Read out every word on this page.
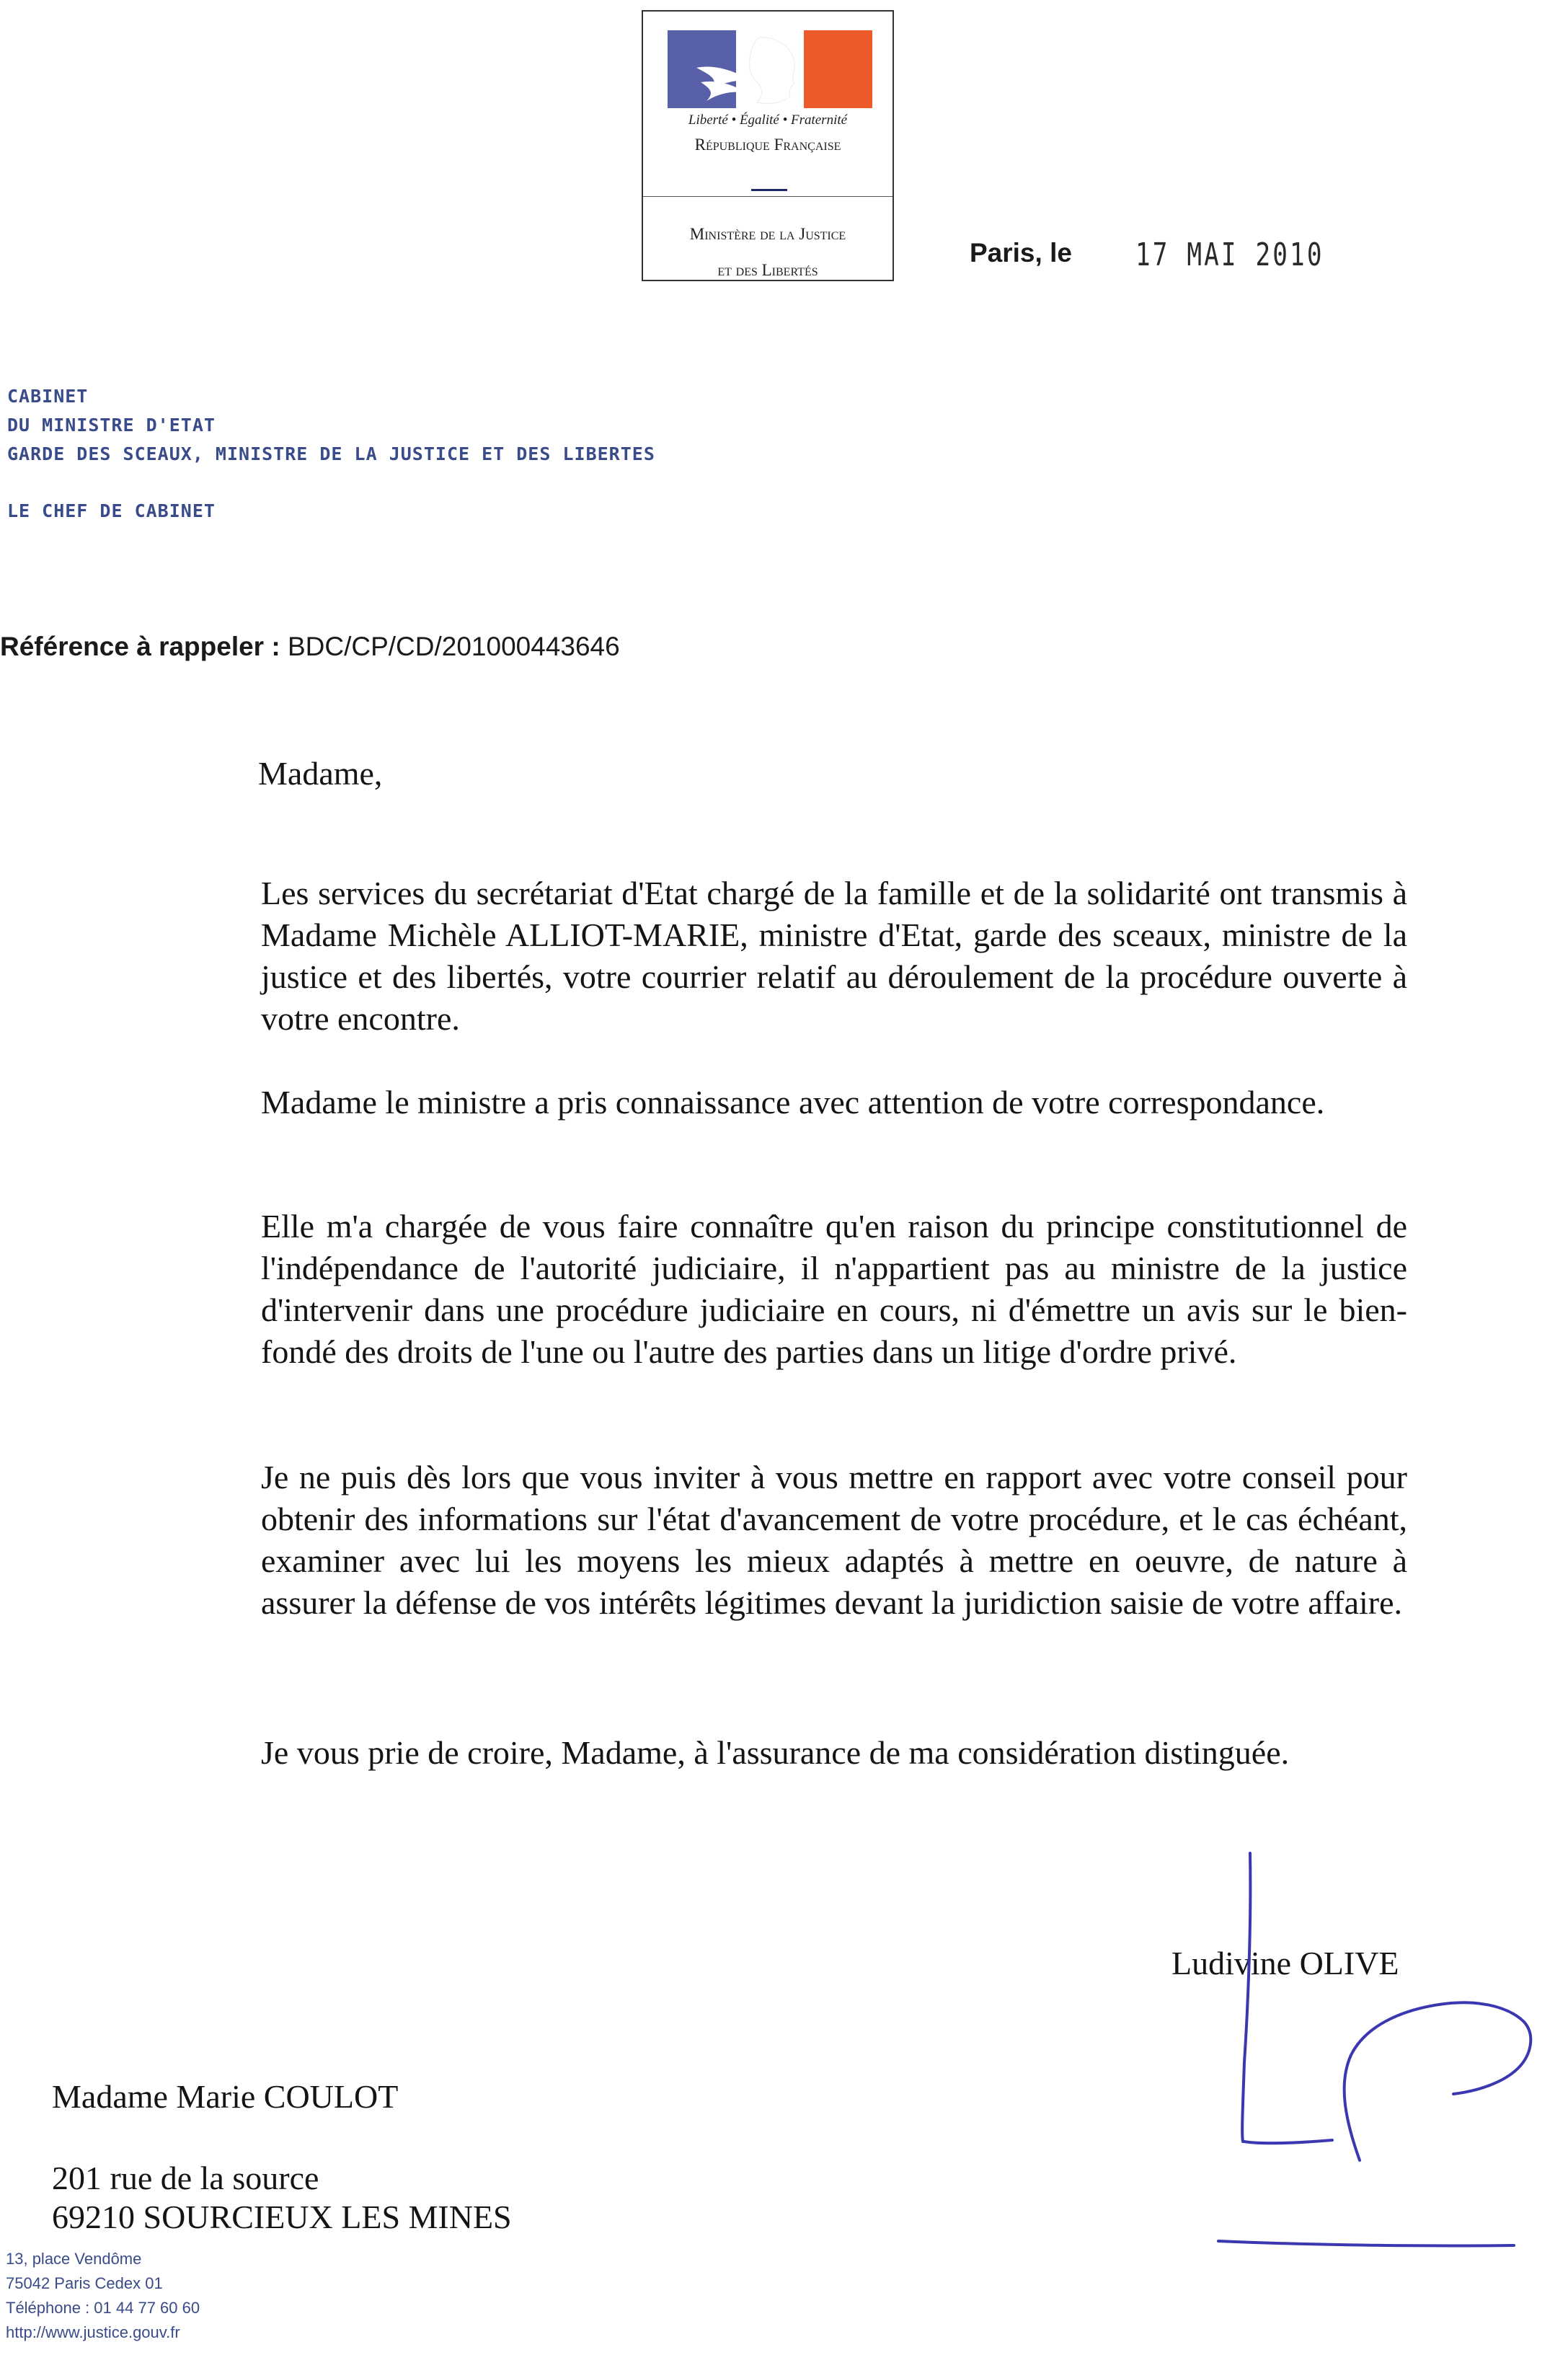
Liberté • Égalité • Fraternité
République Française
Ministère de la Justice
et des Libertés
Paris, le 17 MAI 2010
CABINET
DU MINISTRE D'ETAT
GARDE DES SCEAUX, MINISTRE DE LA JUSTICE ET DES LIBERTES
LE CHEF DE CABINET
Référence à rappeler : BDC/CP/CD/201000443646
Madame,
Les services du secrétariat d'Etat chargé de la famille et de la solidarité ont transmis à Madame Michèle ALLIOT-MARIE, ministre d'Etat, garde des sceaux, ministre de la justice et des libertés, votre courrier relatif au déroulement de la procédure ouverte à votre encontre.
Madame le ministre a pris connaissance avec attention de votre correspondance.
Elle m'a chargée de vous faire connaître qu'en raison du principe constitutionnel de l'indépendance de l'autorité judiciaire, il n'appartient pas au ministre de la justice d'intervenir dans une procédure judiciaire en cours, ni d'émettre un avis sur le bien-fondé des droits de l'une ou l'autre des parties dans un litige d'ordre privé.
Je ne puis dès lors que vous inviter à vous mettre en rapport avec votre conseil pour obtenir des informations sur l'état d'avancement de votre procédure, et le cas échéant, examiner avec lui les moyens les mieux adaptés à mettre en oeuvre, de nature à assurer la défense de vos intérêts légitimes devant la juridiction saisie de votre affaire.
Je vous prie de croire, Madame, à l'assurance de ma considération distinguée.
Ludivine OLIVE
Madame Marie COULOT
201 rue de la source
69210 SOURCIEUX LES MINES
13, place Vendôme
75042 Paris Cedex 01
Téléphone : 01 44 77 60 60
http://www.justice.gouv.fr
